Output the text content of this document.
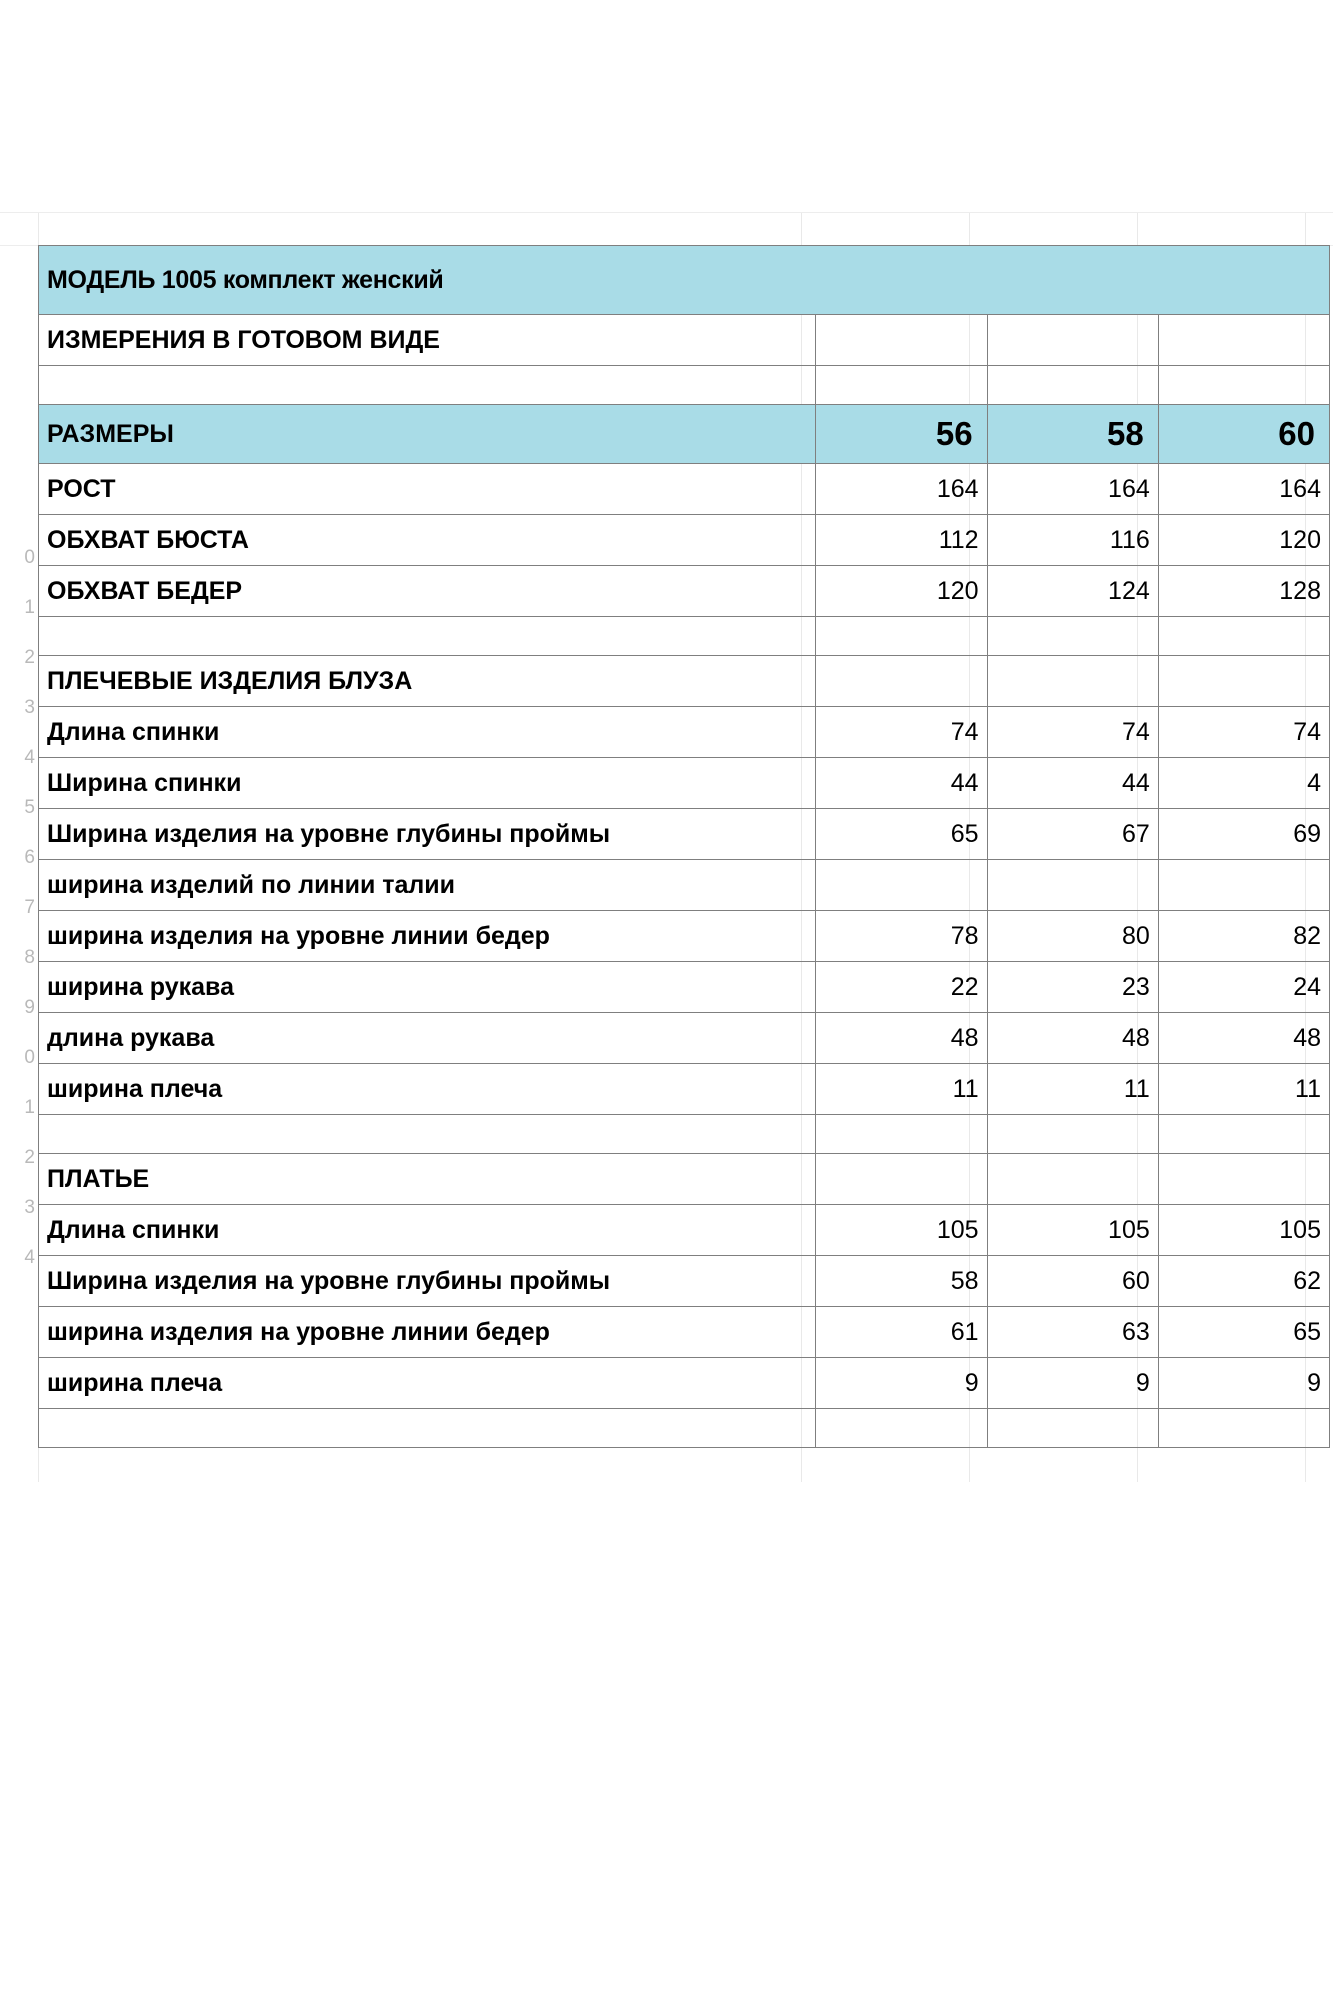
0
1
2
3
4
5
6
7
8
9
0
1
2
3
4
МОДЕЛЬ 1005 комплект женский			
ИЗМЕРЕНИЯ В ГОТОВОМ ВИДЕ			

РАЗМЕРЫ	56	58	60
РОСТ	164	164	164
ОБХВАТ БЮСТА	112	116	120
ОБХВАТ БЕДЕР	120	124	128

ПЛЕЧЕВЫЕ ИЗДЕЛИЯ БЛУЗА			
Длина спинки	74	74	74
Ширина спинки	44	44	4
Ширина изделия на уровне глубины проймы	65	67	69
ширина изделий по линии талии			
ширина изделия на уровне линии бедер	78	80	82
ширина рукава	22	23	24
длина рукава	48	48	48
ширина плеча	11	11	11

ПЛАТЬЕ			
Длина спинки	105	105	105
Ширина изделия на уровне глубины проймы	58	60	62
ширина изделия на уровне линии бедер	61	63	65
ширина плеча	9	9	9
